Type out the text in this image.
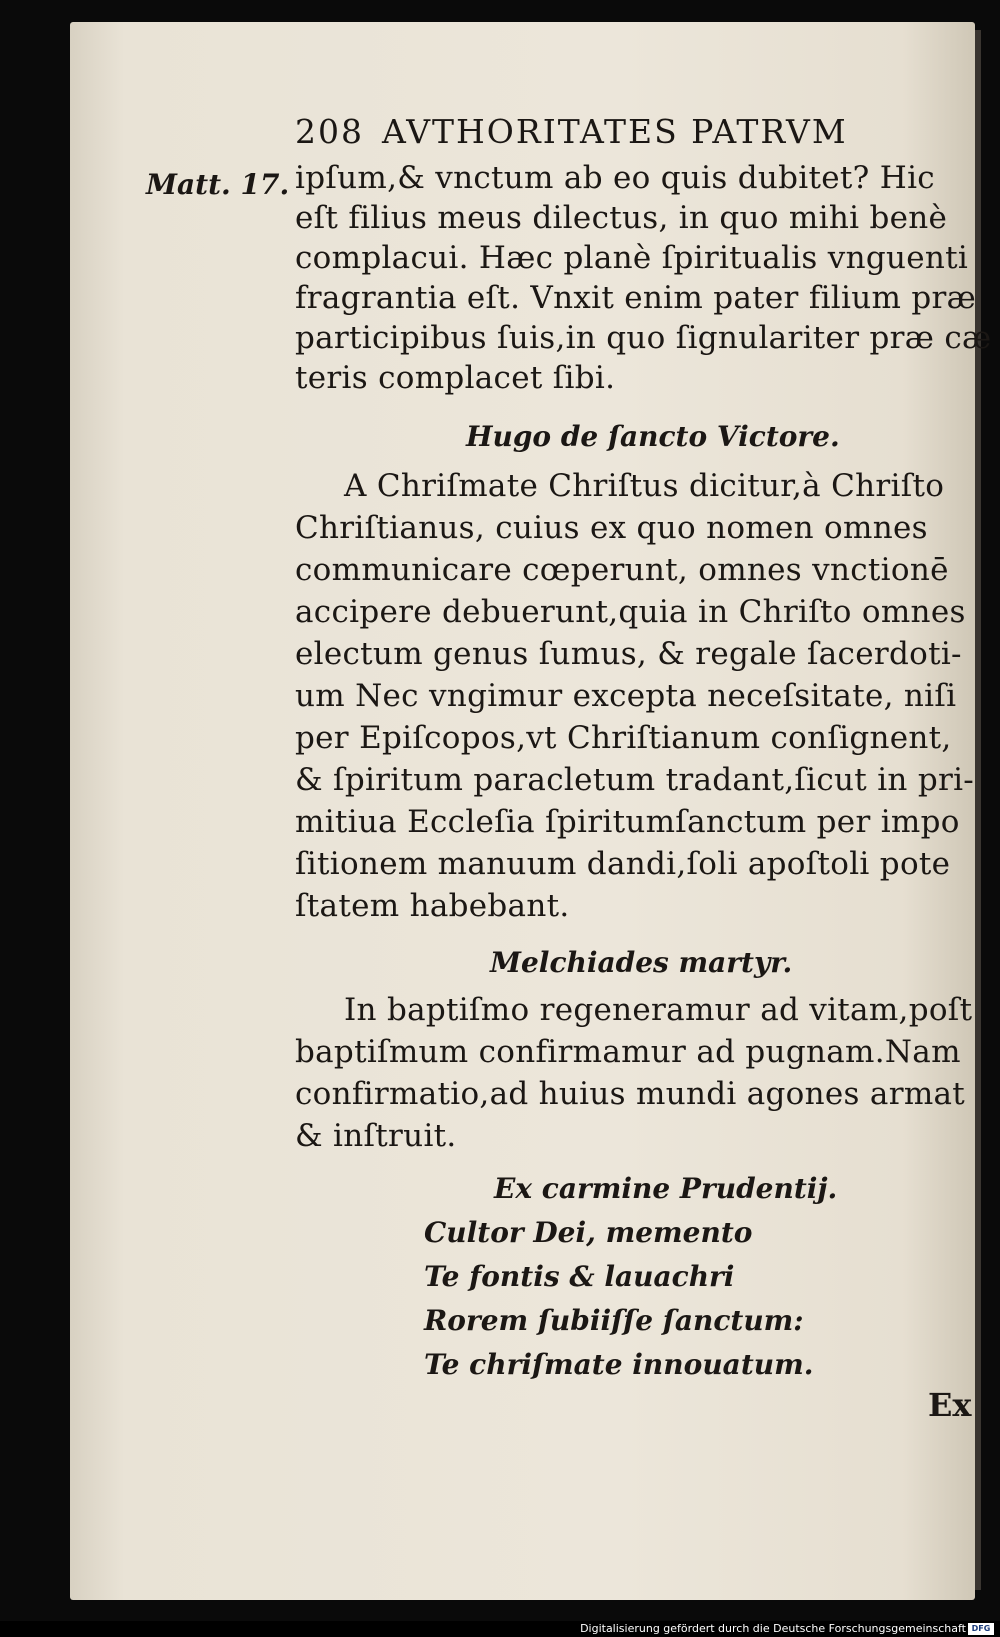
208 AVTHORITATES PATRVM
Matt. 17. ipſum,& vnctum ab eo quis dubitet? Hic
eſt filius meus dilectus, in quo mihi benè
complacui. Hæc planè ſpiritualis vnguenti
fragrantia eſt. Vnxit enim pater filium præ
participibus ſuis,in quo ſignulariter præ cæ
teris complacet ſibi.
Hugo de ſancto Victore.
A Chriſmate Chriſtus dicitur,à Chriſto
Chriſtianus, cuius ex quo nomen omnes
communicare cœperunt, omnes vnctionē
accipere debuerunt,quia in Chriſto omnes
electum genus ſumus, & regale ſacerdoti-
um Nec vngimur excepta neceſsitate, niſi
per Epiſcopos,vt Chriſtianum conſignent,
& ſpiritum paracletum tradant,ſicut in pri-
mitiua Eccleſia ſpiritumſanctum per impo
ſitionem manuum dandi,ſoli apoſtoli pote
ſtatem habebant.
Melchiades martyr.
In baptiſmo regeneramur ad vitam,poſt
baptiſmum confirmamur ad pugnam.Nam
confirmatio,ad huius mundi agones armat
& inſtruit.
Ex carmine Prudentij.
Cultor Dei, memento
Te fontis & lauachri
Rorem ſubiiſſe ſanctum:
Te chriſmate innouatum.
Ex
Digitalisierung gefördert durch die Deutsche Forschungsgemeinschaft DFG
